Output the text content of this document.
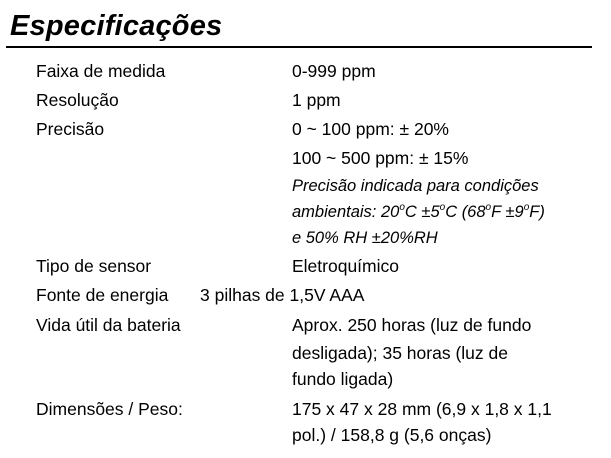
Especificações
Faixa de medida	0-999 ppm
Resolução	1 ppm
Precisão	0 ~ 100 ppm: ± 20%
100 ~ 500 ppm: ± 15%
Precisão indicada para condições
ambientais: $20^oC \pm 5^oC$ $(68^oF \pm 9^oF)$
e 50% RH ±20%RH
Tipo de sensor	Eletroquímico
Fonte de energia 3 pilhas de 1,5V AAA
Vida útil da bateria	Aprox. 250 horas (luz de fundo
desligada); 35 horas (luz de
fundo ligada)
Dimensões / Peso:	175 x 47 x 28 mm (6,9 x 1,8 x 1,1
pol.) / 158,8 g (5,6 onças)
